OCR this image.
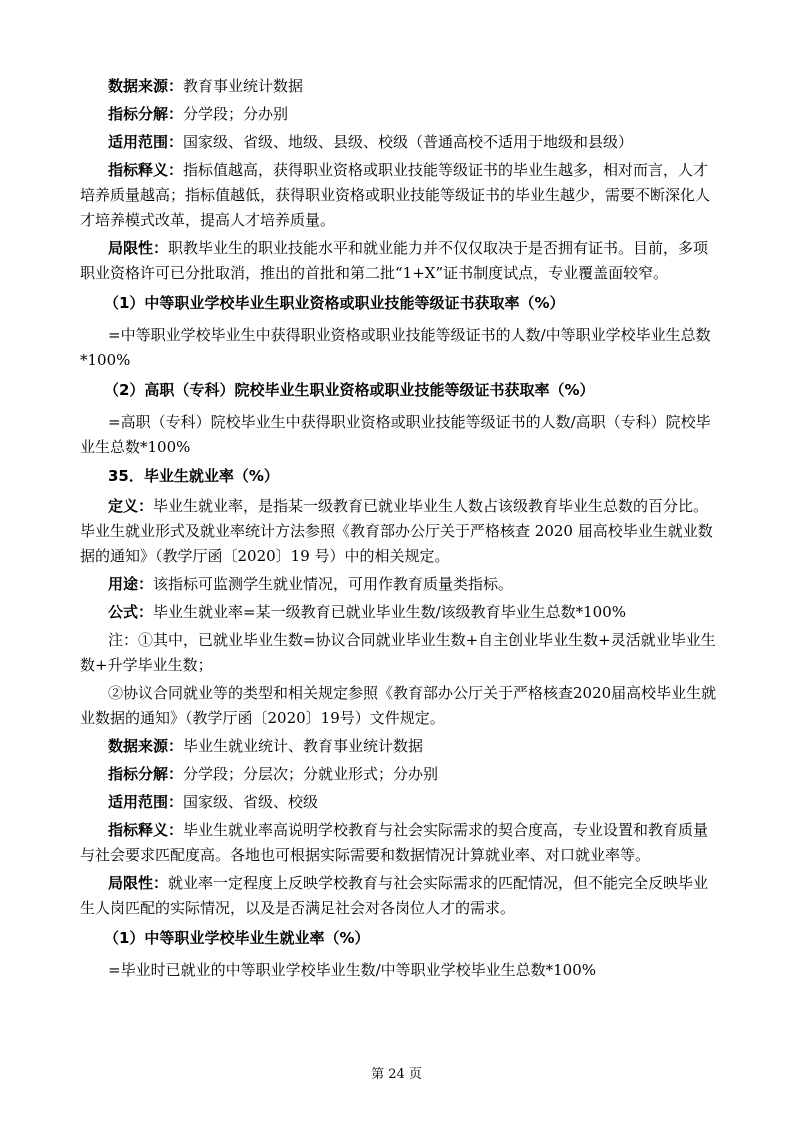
数据来源：教育事业统计数据

指标分解：分学段；分办别

适用范围：国家级、省级、地级、县级、校级（普通高校不适用于地级和县级）

指标释义：指标值越高，获得职业资格或职业技能等级证书的毕业生越多，相对而言，人才培养质量越高；指标值越低，获得职业资格或职业技能等级证书的毕业生越少，需要不断深化人才培养模式改革，提高人才培养质量。

局限性：职教毕业生的职业技能水平和就业能力并不仅仅取决于是否拥有证书。目前，多项职业资格许可已分批取消，推出的首批和第二批“1+X”证书制度试点，专业覆盖面较窄。

（1）中等职业学校毕业生职业资格或职业技能等级证书获取率（%）

=中等职业学校毕业生中获得职业资格或职业技能等级证书的人数/中等职业学校毕业生总数*100%

（2）高职（专科）院校毕业生职业资格或职业技能等级证书获取率（%）

=高职（专科）院校毕业生中获得职业资格或职业技能等级证书的人数/高职（专科）院校毕业生总数*100%

35．毕业生就业率（%）

定义：毕业生就业率，是指某一级教育已就业毕业生人数占该级教育毕业生总数的百分比。毕业生就业形式及就业率统计方法参照《教育部办公厅关于严格核查 2020 届高校毕业生就业数据的通知》（教学厅函〔2020〕19 号）中的相关规定。

用途：该指标可监测学生就业情况，可用作教育质量类指标。

公式：毕业生就业率=某一级教育已就业毕业生数/该级教育毕业生总数*100%

注：①其中，已就业毕业生数=协议合同就业毕业生数+自主创业毕业生数+灵活就业毕业生数+升学毕业生数；

②协议合同就业等的类型和相关规定参照《教育部办公厅关于严格核查2020届高校毕业生就业数据的通知》（教学厅函〔2020〕19号）文件规定。

数据来源：毕业生就业统计、教育事业统计数据

指标分解：分学段；分层次；分就业形式；分办别

适用范围：国家级、省级、校级

指标释义：毕业生就业率高说明学校教育与社会实际需求的契合度高，专业设置和教育质量与社会要求匹配度高。各地也可根据实际需要和数据情况计算就业率、对口就业率等。

局限性：就业率一定程度上反映学校教育与社会实际需求的匹配情况，但不能完全反映毕业生人岗匹配的实际情况，以及是否满足社会对各岗位人才的需求。

（1）中等职业学校毕业生就业率（%）

=毕业时已就业的中等职业学校毕业生数/中等职业学校毕业生总数*100%

第 24 页
